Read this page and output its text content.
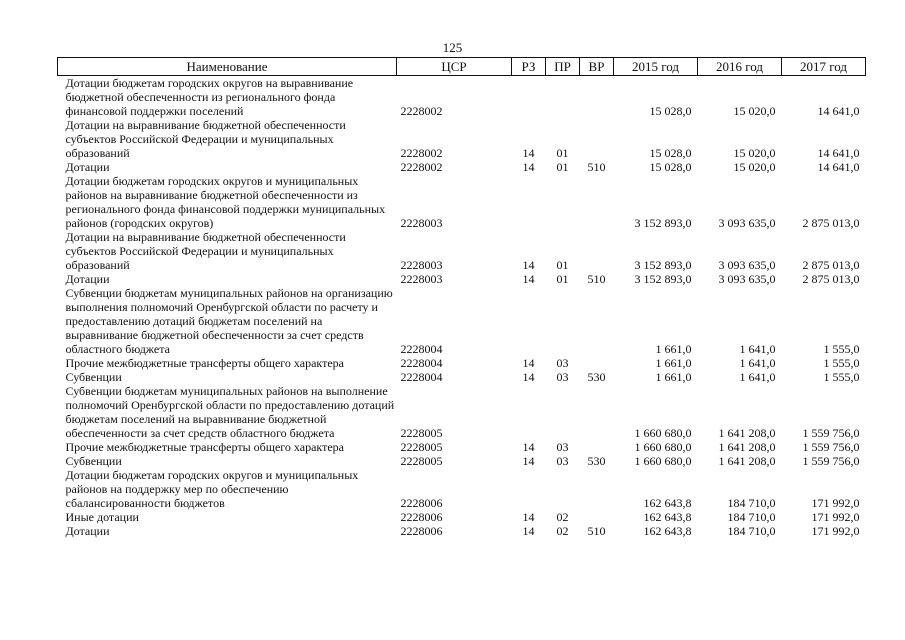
125
Наименование	ЦСР	РЗ	ПР	ВР	2015 год	2016 год	2017 год
Дотации бюджетам городских округов на выравнивание бюджетной обеспеченности из регионального фонда финансовой поддержки поселений	2228002				15 028,0	15 020,0	14 641,0
Дотации на выравнивание бюджетной обеспеченности субъектов Российской Федерации и муниципальных образований	2228002	14	01		15 028,0	15 020,0	14 641,0
Дотации	2228002	14	01	510	15 028,0	15 020,0	14 641,0
Дотации бюджетам городских округов и муниципальных районов на выравнивание бюджетной обеспеченности из регионального фонда финансовой поддержки муниципальных районов (городских округов)	2228003				3 152 893,0	3 093 635,0	2 875 013,0
Дотации на выравнивание бюджетной обеспеченности субъектов Российской Федерации и муниципальных образований	2228003	14	01		3 152 893,0	3 093 635,0	2 875 013,0
Дотации	2228003	14	01	510	3 152 893,0	3 093 635,0	2 875 013,0
Субвенции бюджетам муниципальных районов на организацию выполнения полномочий Оренбургской области по расчету и предоставлению дотаций бюджетам поселений на выравнивание бюджетной обеспеченности за счет средств областного бюджета	2228004				1 661,0	1 641,0	1 555,0
Прочие межбюджетные трансферты общего характера	2228004	14	03		1 661,0	1 641,0	1 555,0
Субвенции	2228004	14	03	530	1 661,0	1 641,0	1 555,0
Субвенции бюджетам муниципальных районов на выполнение полномочий Оренбургской области по предоставлению дотаций бюджетам поселений на выравнивание бюджетной обеспеченности за счет средств областного бюджета	2228005				1 660 680,0	1 641 208,0	1 559 756,0
Прочие межбюджетные трансферты общего характера	2228005	14	03		1 660 680,0	1 641 208,0	1 559 756,0
Субвенции	2228005	14	03	530	1 660 680,0	1 641 208,0	1 559 756,0
Дотации бюджетам городских округов и муниципальных районов на поддержку мер по обеспечению сбалансированности бюджетов	2228006				162 643,8	184 710,0	171 992,0
Иные дотации	2228006	14	02		162 643,8	184 710,0	171 992,0
Дотации	2228006	14	02	510	162 643,8	184 710,0	171 992,0
